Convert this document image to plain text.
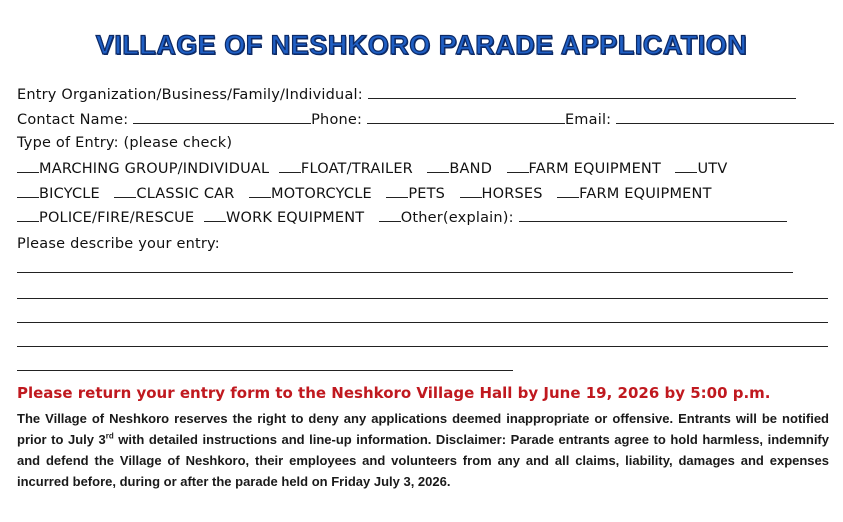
VILLAGE OF NESHKORO PARADE APPLICATION
Entry Organization/Business/Family/Individual:
Contact Name:	Phone:	Email:
Type of Entry: (please check)
MARCHING GROUP/INDIVIDUAL FLOAT/TRAILER	BAND	FARM EQUIPMENT	UTV
BICYCLE	CLASSIC CAR	MOTORCYCLE	PETS	HORSES	FARM EQUIPMENT
POLICE/FIRE/RESCUE WORK EQUIPMENT	Other(explain):
Please describe your entry:
Please return your entry form to the Neshkoro Village Hall by June 19, 2026 by 5:00 p.m.
The Village of Neshkoro reserves the right to deny any applications deemed inappropriate or offensive. Entrants will be notified prior to July 3rd with detailed instructions and line-up information. Disclaimer: Parade entrants agree to hold harmless, indemnify and defend the Village of Neshkoro, their employees and volunteers from any and all claims, liability, damages and expenses incurred before, during or after the parade held on Friday July 3, 2026.
